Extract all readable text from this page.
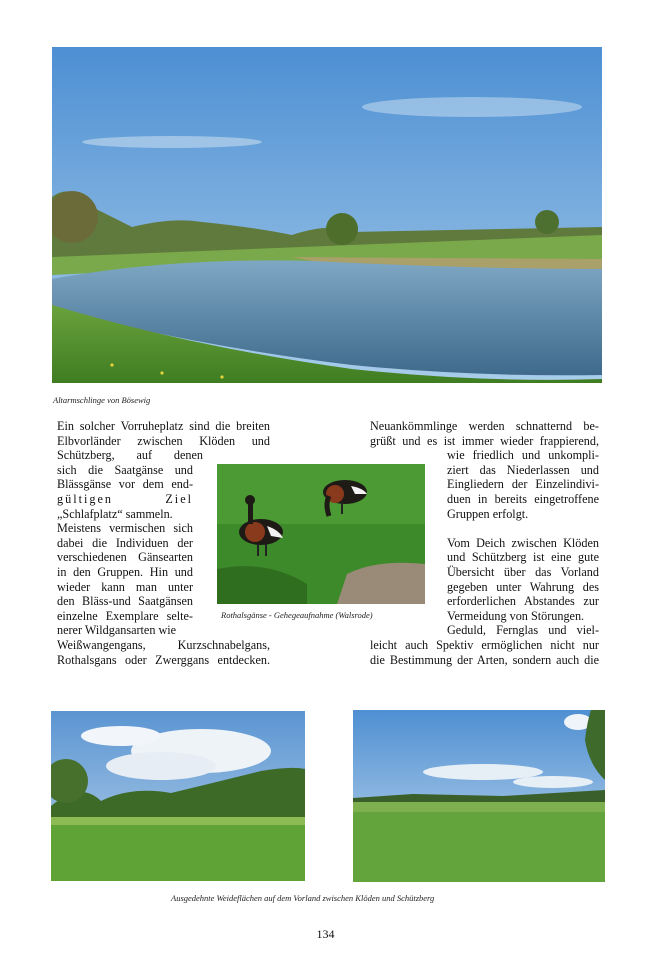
Altarmschlinge von Bösewig
Rothalsgänse - Gehegeaufnahme (Walsrode)
Ein solcher Vorruheplatz sind die breiten
Elbvorländer zwischen Klöden und
Schützberg, auf denen
sich die Saatgänse und
Blässgänse vor dem end-
gültigen Ziel
„Schlafplatz“ sammeln.
Meistens vermischen sich
dabei die Individuen der
verschiedenen Gänsearten
in den Gruppen. Hin und
wieder kann man unter
den Bläss-und Saatgänsen
einzelne Exemplare selte-
nerer Wildgansarten wie
Weißwangengans, Kurzschnabelgans,
Rothalsgans oder Zwerggans entdecken.
Neuankömmlinge werden schnatternd be-
grüßt und es ist immer wieder frappierend,
wie friedlich und unkompli-
ziert das Niederlassen und
Eingliedern der Einzelindivi-
duen in bereits eingetroffene
Gruppen erfolgt.
Vom Deich zwischen Klöden
und Schützberg ist eine gute
Übersicht über das Vorland
gegeben unter Wahrung des
erforderlichen Abstandes zur
Vermeidung von Störungen.
Geduld, Fernglas und viel-
leicht auch Spektiv ermöglichen nicht nur
die Bestimmung der Arten, sondern auch die
Ausgedehnte Weideflächen auf dem Vorland zwischen Klöden und Schützberg
134
